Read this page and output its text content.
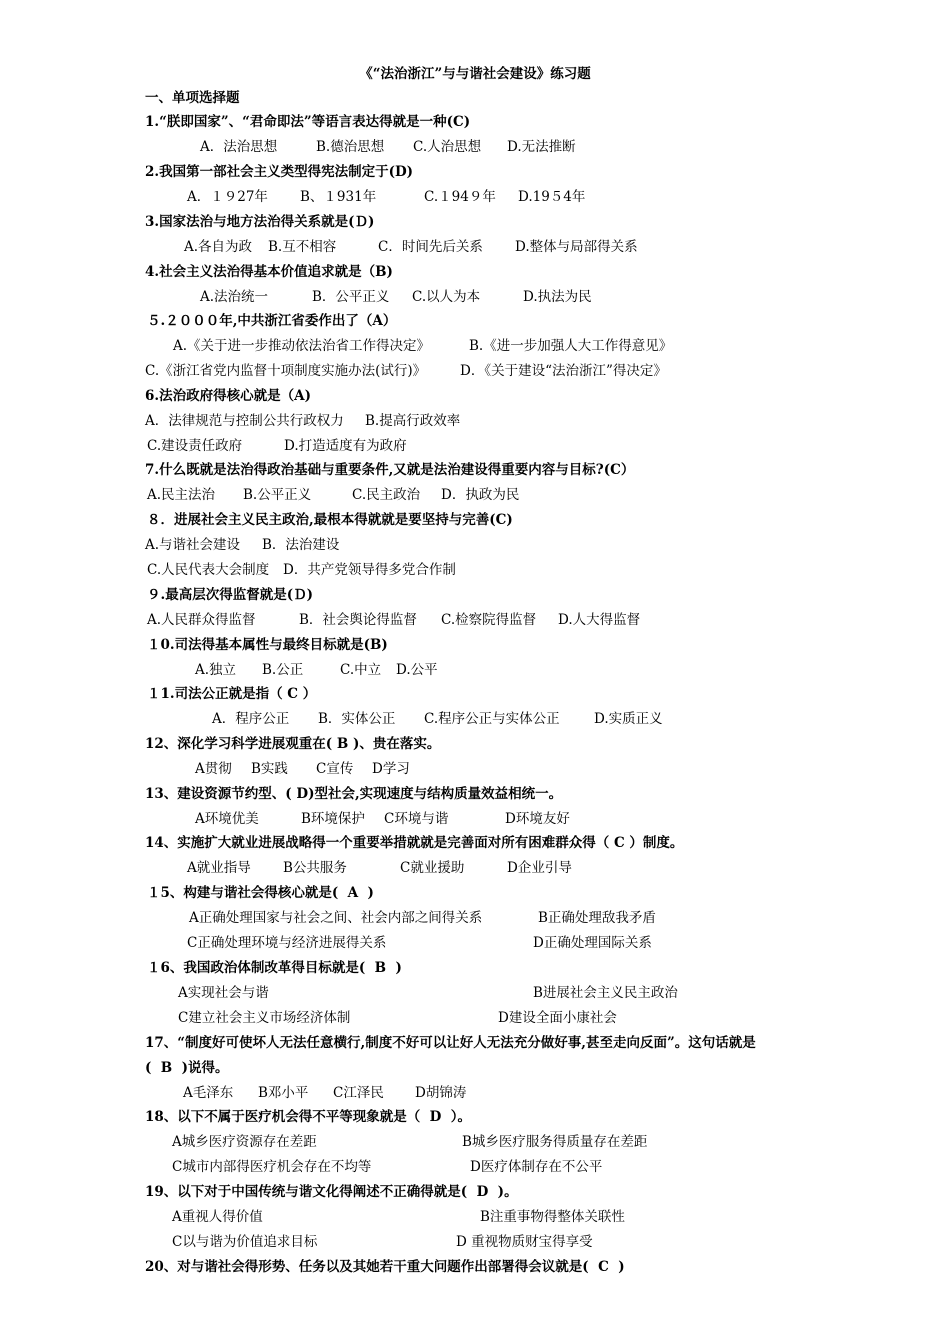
《“法治浙江”与与谐社会建设》练习题
一、单项选择题
1.“朕即国家”、“君命即法”等语言表达得就是一种(C)
A．法治思想	B.德治思想 C.人治思想 D.无法推断
2.我国第一部社会主义类型得宪法制定于(D)
A．１９27年 B、１931年	C.１94９年 D.19５4年
3.国家法治与地方法治得关系就是(Ｄ)
A.各自为政 B.互不相容	C．时间先后关系 D.整体与局部得关系
4.社会主义法治得基本价值追求就是（B)
A.法治统一	B．公平正义 C.以人为本	D.执法为民
５.２０００年,中共浙江省委作出了（A）
A.《关于进一步推动依法治省工作得决定》	B.《进一步加强人大工作得意见》
C.《浙江省党内监督十项制度实施办法(试行)》	D．《关于建设“法治浙江”得决定》
6.法治政府得核心就是（A)
A．法律规范与控制公共行政权力 B.提高行政效率
C.建设责任政府	D.打造适度有为政府
7.什么既就是法治得政治基础与重要条件,又就是法治建设得重要内容与目标?(C）
A.民主法治 B.公平正义	C.民主政治 D．执政为民
８．进展社会主义民主政治,最根本得就就是要坚持与完善(C)
A.与谐社会建设 B．法治建设
C.人民代表大会制度 D．共产党领导得多党合作制
９.最高层次得监督就是(Ｄ)
A.人民群众得监督	B．社会舆论得监督 C.检察院得监督 D.人大得监督
１0.司法得基本属性与最终目标就是(B)
A.独立 B.公正	C.中立 D.公平
１1.司法公正就是指（ C ）
A．程序公正 B．实体公正 C.程序公正与实体公正	D.实质正义
12、深化学习科学进展观重在( B )、贵在落实。
A贯彻 B实践 C宣传 D学习
13、建设资源节约型、( D)型社会,实现速度与结构质量效益相统一。
A环境优美	B环境保护 C环境与谐	D环境友好
14、实施扩大就业进展战略得一个重要举措就就是完善面对所有困难群众得（ C ）制度。
A就业指导 B公共服务	C就业援助	D企业引导
１5、构建与谐社会得核心就是(  A  )
A正确处理国家与社会之间、社会内部之间得关系	B正确处理敌我矛盾
C正确处理环境与经济进展得关系	D正确处理国际关系
１6、我国政治体制改革得目标就是(  B  )
A实现社会与谐	B进展社会主义民主政治
C建立社会主义市场经济体制	D建设全面小康社会
17、“制度好可使坏人无法任意横行,制度不好可以让好人无法充分做好事,甚至走向反面”。这句话就是
(  B  )说得。
A毛泽东 B邓小平 C江泽民 D胡锦涛
18、以下不属于医疗机会得不平等现象就是（  D  ）。
A城乡医疗资源存在差距	B城乡医疗服务得质量存在差距
C城市内部得医疗机会存在不均等	D医疗体制存在不公平
19、以下对于中国传统与谐文化得阐述不正确得就是(  D  )。
A重视人得价值	B注重事物得整体关联性
C以与谐为价值追求目标	D 重视物质财宝得享受
20、对与谐社会得形势、任务以及其她若干重大问题作出部署得会议就是(  C  )
